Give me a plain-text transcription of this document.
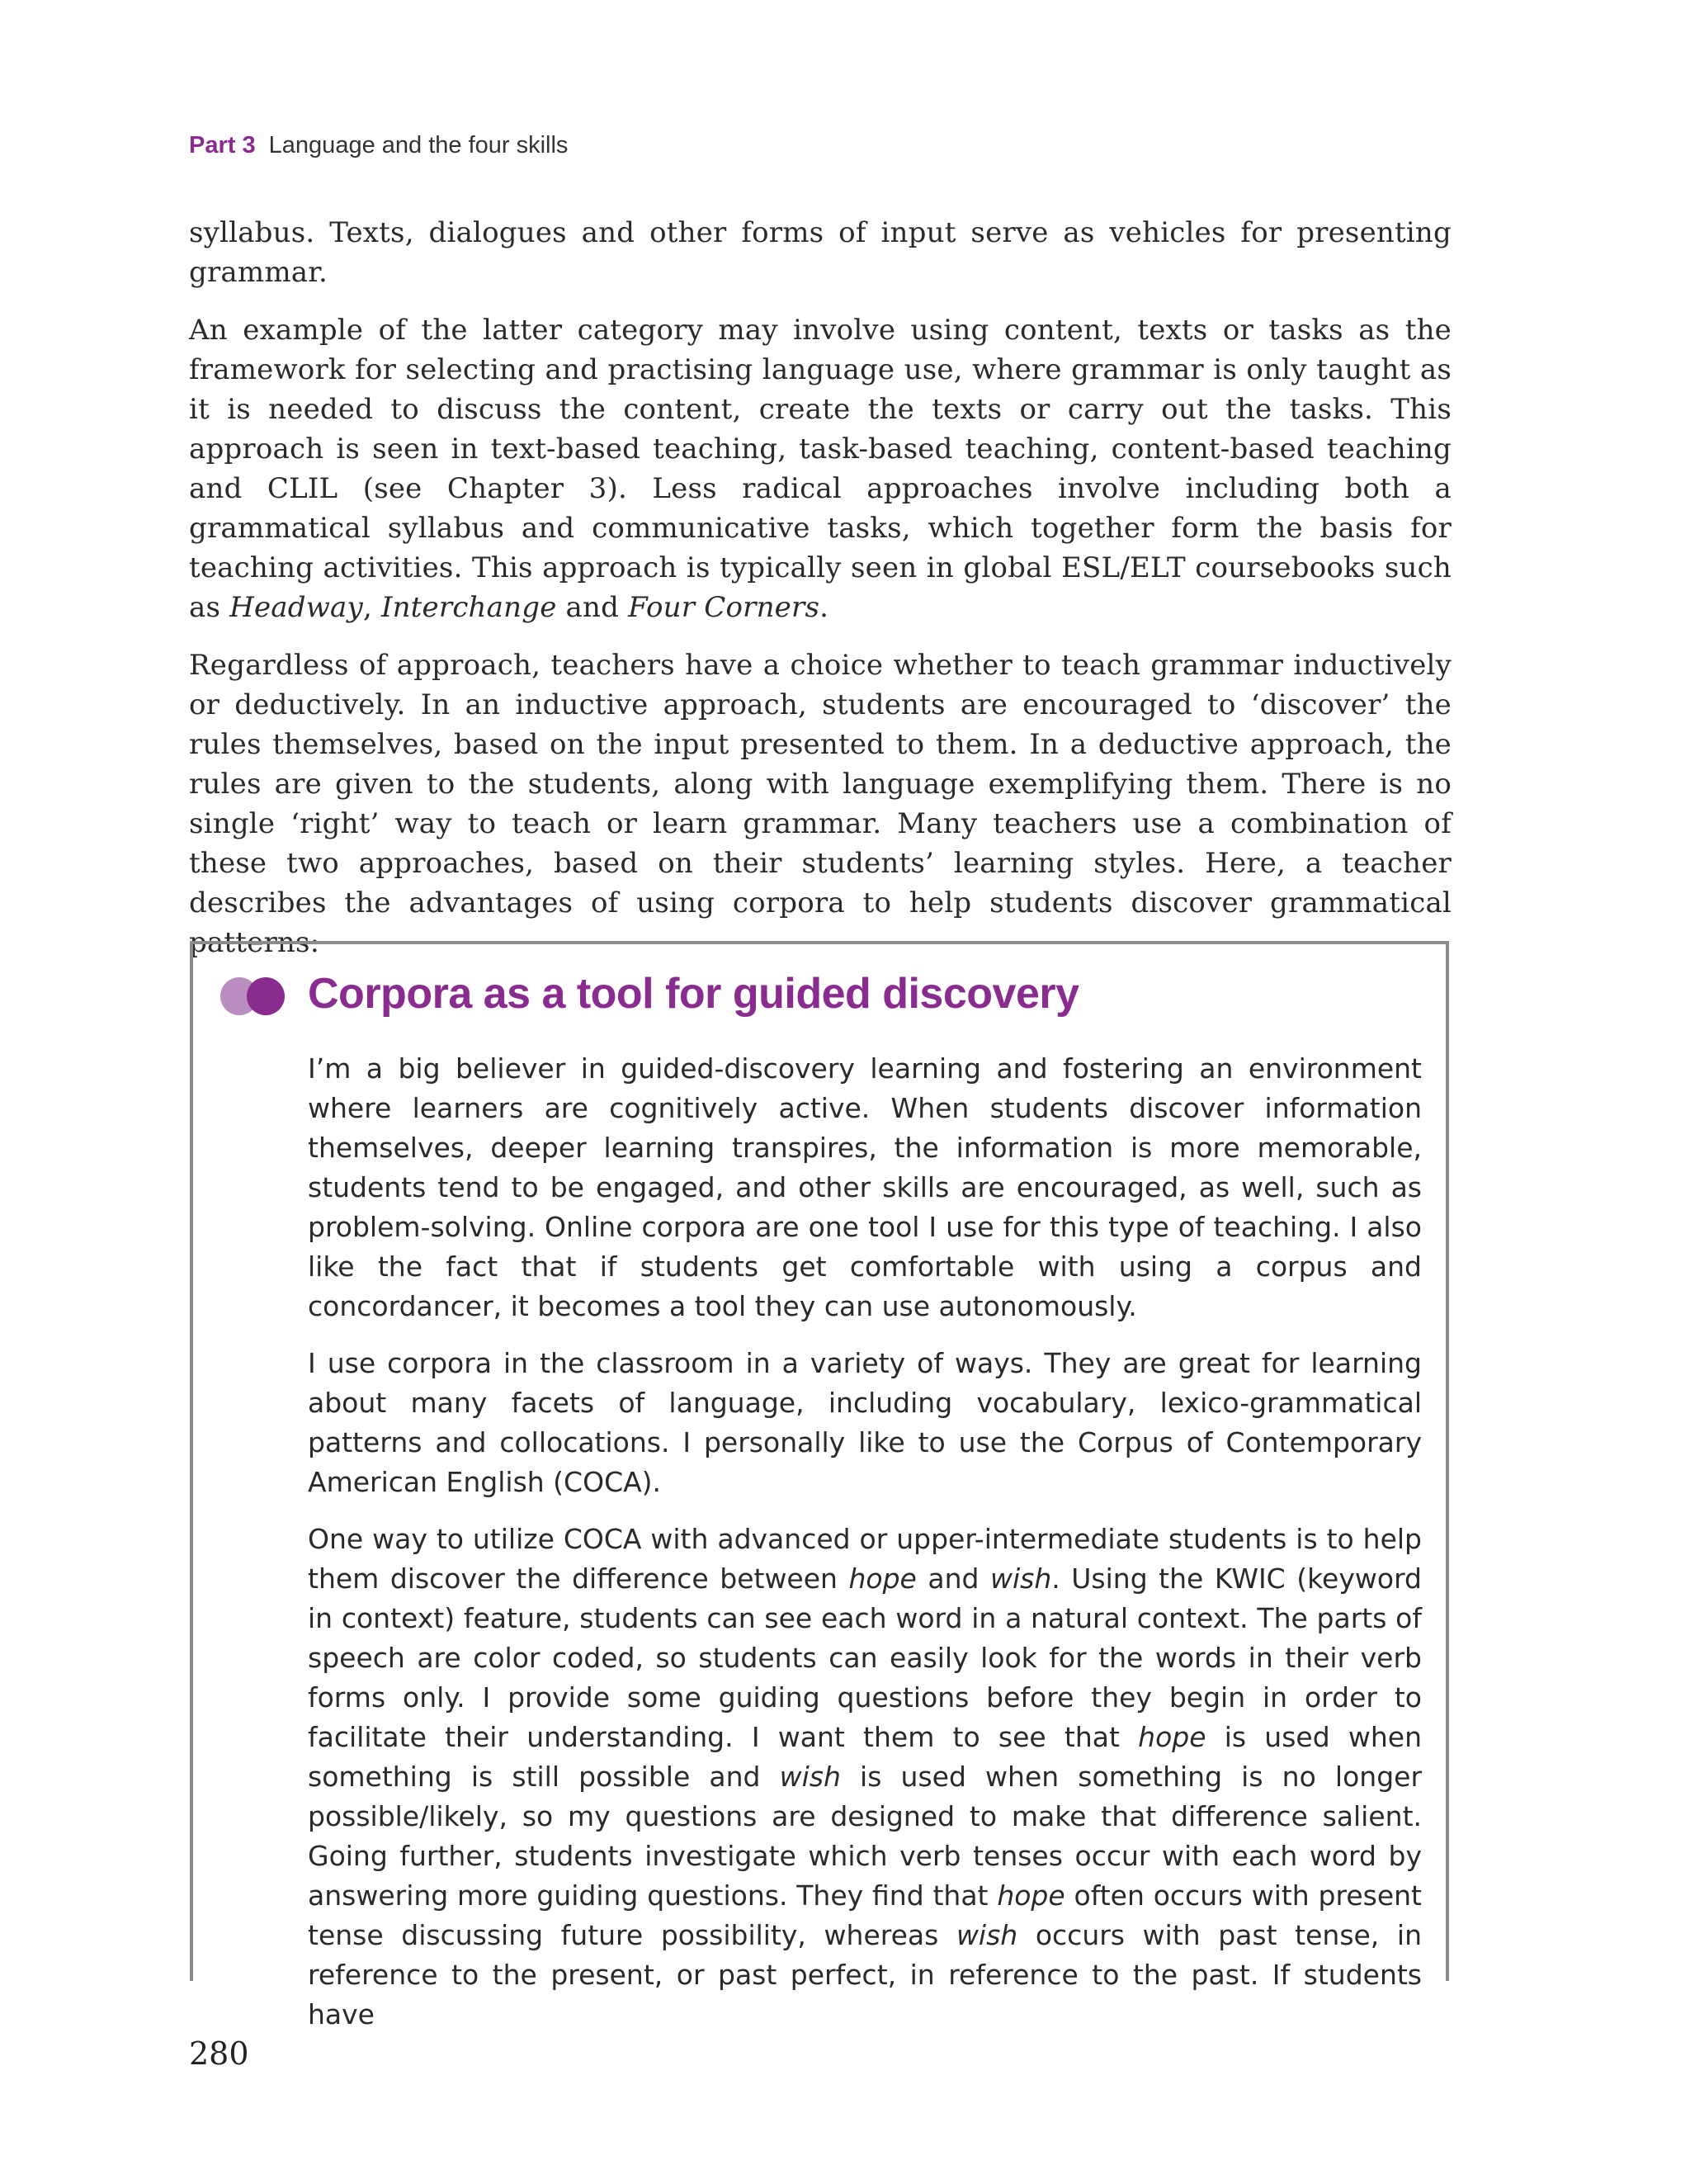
Part 3 Language and the four skills

syllabus. Texts, dialogues and other forms of input serve as vehicles for presenting grammar.

An example of the latter category may involve using content, texts or tasks as the framework for selecting and practising language use, where grammar is only taught as it is needed to discuss the content, create the texts or carry out the tasks. This approach is seen in text-based teaching, task-based teaching, content-based teaching and CLIL (see Chapter 3). Less radical approaches involve including both a grammatical syllabus and communicative tasks, which together form the basis for teaching activities. This approach is typically seen in global ESL/ELT coursebooks such as Headway, Interchange and Four Corners.

Regardless of approach, teachers have a choice whether to teach grammar inductively or deductively. In an inductive approach, students are encouraged to ‘discover’ the rules themselves, based on the input presented to them. In a deductive approach, the rules are given to the students, along with language exemplifying them. There is no single ‘right’ way to teach or learn grammar. Many teachers use a combination of these two approaches, based on their students’ learning styles. Here, a teacher describes the advantages of using corpora to help students discover grammatical patterns:

Corpora as a tool for guided discovery

I’m a big believer in guided-discovery learning and fostering an environment where learners are cognitively active. When students discover information themselves, deeper learning transpires, the information is more memorable, students tend to be engaged, and other skills are encouraged, as well, such as problem-solving. Online corpora are one tool I use for this type of teaching. I also like the fact that if students get comfortable with using a corpus and concordancer, it becomes a tool they can use autonomously.

I use corpora in the classroom in a variety of ways. They are great for learning about many facets of language, including vocabulary, lexico-grammatical patterns and collocations. I personally like to use the Corpus of Contemporary American English (COCA).

One way to utilize COCA with advanced or upper-intermediate students is to help them discover the difference between hope and wish. Using the KWIC (keyword in context) feature, students can see each word in a natural context. The parts of speech are color coded, so students can easily look for the words in their verb forms only. I provide some guiding questions before they begin in order to facilitate their understanding. I want them to see that hope is used when something is still possible and wish is used when something is no longer possible/likely, so my questions are designed to make that difference salient. Going further, students investigate which verb tenses occur with each word by answering more guiding questions. They find that hope often occurs with present tense discussing future possibility, whereas wish occurs with past tense, in reference to the present, or past perfect, in reference to the past. If students have

280
